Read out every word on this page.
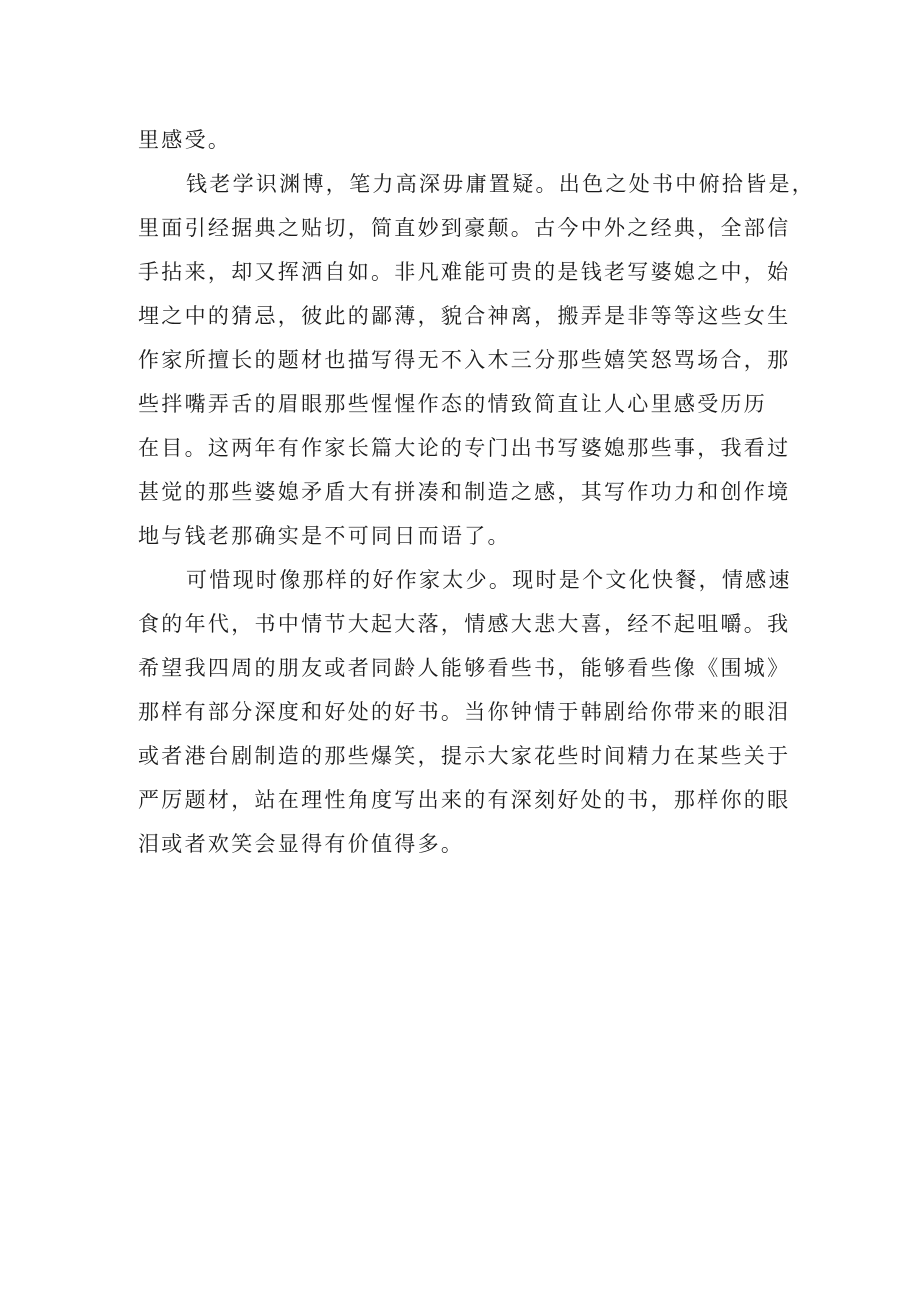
里感受。
钱老学识渊博，笔力高深毋庸置疑。出色之处书中俯拾皆是，
里面引经据典之贴切，简直妙到豪颠。古今中外之经典，全部信
手拈来，却又挥洒自如。非凡难能可贵的是钱老写婆媳之中，始
埋之中的猜忌，彼此的鄙薄，貌合神离，搬弄是非等等这些女生
作家所擅长的题材也描写得无不入木三分那些嬉笑怒骂场合，那
些拌嘴弄舌的眉眼那些惺惺作态的情致简直让人心里感受历历
在目。这两年有作家长篇大论的专门出书写婆媳那些事，我看过
甚觉的那些婆媳矛盾大有拼凑和制造之感，其写作功力和创作境
地与钱老那确实是不可同日而语了。
可惜现时像那样的好作家太少。现时是个文化快餐，情感速
食的年代，书中情节大起大落，情感大悲大喜，经不起咀嚼。我
希望我四周的朋友或者同龄人能够看些书，能够看些像《围城》
那样有部分深度和好处的好书。当你钟情于韩剧给你带来的眼泪
或者港台剧制造的那些爆笑，提示大家花些时间精力在某些关于
严厉题材，站在理性角度写出来的有深刻好处的书，那样你的眼
泪或者欢笑会显得有价值得多。
